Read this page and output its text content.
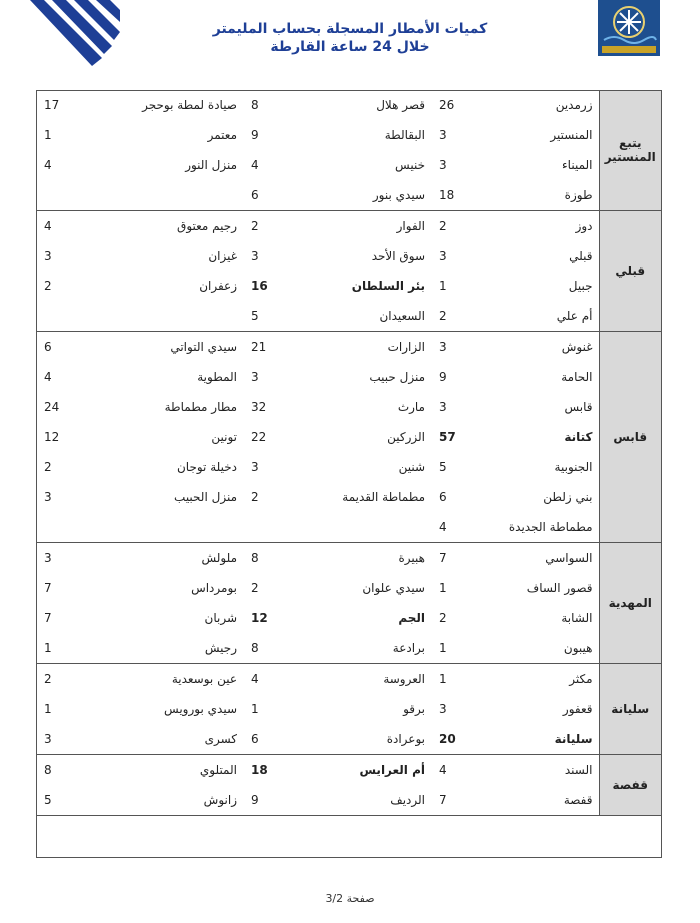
كميات الأمطار المسجلة بحساب المليمتر
خلال 24 ساعة القارطة
يتبع المنستير	زرمدين	26	قصر هلال	8	صيادة لمطة بوحجر	17
	المنستير	3	البقالطة	9	معتمر	1
	الميناء	3	خنيس	4	منزل النور	4
	طوزة	18	سيدي بنور	6		
قبلي	دوز	2	الفوار	2	رجيم معتوق	4
	قبلي	3	سوق الأحد	3	غيزان	3
	جبيل	1	بئر السلطان	16	زعفران	2
	أم علي	2	السعيدان	5		
قابس	غنوش	3	الزارات	21	سيدي التواتي	6
	الحامة	9	منزل حبيب	3	المطوية	4
	قابس	3	مارث	32	مطار مطماطة	24
	كتانة	57	الزركين	22	تونين	12
	الجنوبية	5	شنين	3	دخيلة توجان	2
	بني زلطن	6	مطماطة القديمة	2	منزل الحبيب	3
	مطماطة الجديدة	4				
المهدية	السواسي	7	هبيرة	8	ملولش	3
	قصور الساف	1	سيدي علوان	2	بومرداس	7
	الشابة	2	الجم	12	شربان	7
	هيبون	1	برادعة	8	رجيش	1
سليانة	مكثر	1	العروسة	4	عين بوسعدية	2
	قعفور	3	برقو	1	سيدي بورويس	1
	سليانة	20	بوعرادة	6	كسرى	3
قفصة	السند	4	أم العرايس	18	المتلوي	8
	قفصة	7	الرديف	9	زانوش	5
صفحة 3/2
